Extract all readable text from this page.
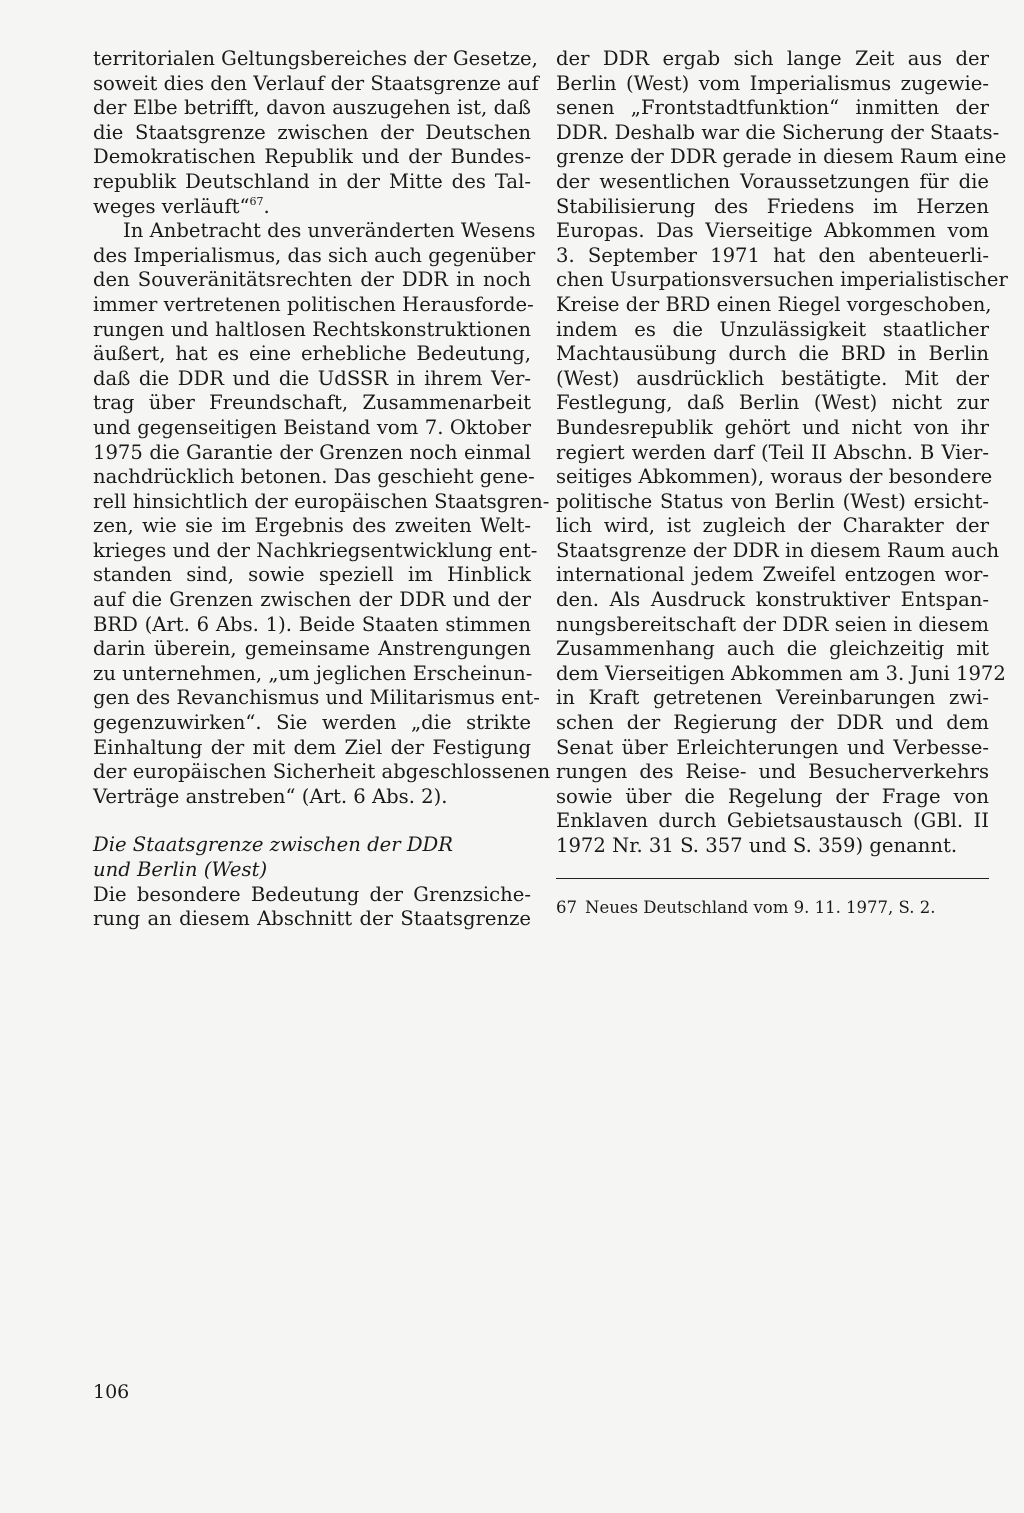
territorialen Geltungsbereiches der Gesetze,
soweit dies den Verlauf der Staatsgrenze auf
der Elbe betrifft, davon auszugehen ist, daß
die Staatsgrenze zwischen der Deutschen
Demokratischen Republik und der Bundes-
republik Deutschland in der Mitte des Tal-
weges verläuft“$^{67}$.
In Anbetracht des unveränderten Wesens
des Imperialismus, das sich auch gegenüber
den Souveränitätsrechten der DDR in noch
immer vertretenen politischen Herausforde-
rungen und haltlosen Rechtskonstruktionen
äußert, hat es eine erhebliche Bedeutung,
daß die DDR und die UdSSR in ihrem Ver-
trag über Freundschaft, Zusammenarbeit
und gegenseitigen Beistand vom 7. Oktober
1975 die Garantie der Grenzen noch einmal
nachdrücklich betonen. Das geschieht gene-
rell hinsichtlich der europäischen Staatsgren-
zen, wie sie im Ergebnis des zweiten Welt-
krieges und der Nachkriegsentwicklung ent-
standen sind, sowie speziell im Hinblick
auf die Grenzen zwischen der DDR und der
BRD (Art. 6 Abs. 1). Beide Staaten stimmen
darin überein, gemeinsame Anstrengungen
zu unternehmen, „um jeglichen Erscheinun-
gen des Revanchismus und Militarismus ent-
gegenzuwirken“. Sie werden „die strikte
Einhaltung der mit dem Ziel der Festigung
der europäischen Sicherheit abgeschlossenen
Verträge anstreben“ (Art. 6 Abs. 2).
Die Staatsgrenze zwischen der DDR
und Berlin (West)
Die besondere Bedeutung der Grenzsiche-
rung an diesem Abschnitt der Staatsgrenze
der DDR ergab sich lange Zeit aus der
Berlin (West) vom Imperialismus zugewie-
senen „Frontstadtfunktion“ inmitten der
DDR. Deshalb war die Sicherung der Staats-
grenze der DDR gerade in diesem Raum eine
der wesentlichen Voraussetzungen für die
Stabilisierung des Friedens im Herzen
Europas. Das Vierseitige Abkommen vom
3. September 1971 hat den abenteuerli-
chen Usurpationsversuchen imperialistischer
Kreise der BRD einen Riegel vorgeschoben,
indem es die Unzulässigkeit staatlicher
Machtausübung durch die BRD in Berlin
(West) ausdrücklich bestätigte. Mit der
Festlegung, daß Berlin (West) nicht zur
Bundesrepublik gehört und nicht von ihr
regiert werden darf (Teil II Abschn. B Vier-
seitiges Abkommen), woraus der besondere
politische Status von Berlin (West) ersicht-
lich wird, ist zugleich der Charakter der
Staatsgrenze der DDR in diesem Raum auch
international jedem Zweifel entzogen wor-
den. Als Ausdruck konstruktiver Entspan-
nungsbereitschaft der DDR seien in diesem
Zusammenhang auch die gleichzeitig mit
dem Vierseitigen Abkommen am 3. Juni 1972
in Kraft getretenen Vereinbarungen zwi-
schen der Regierung der DDR und dem
Senat über Erleichterungen und Verbesse-
rungen des Reise- und Besucherverkehrs
sowie über die Regelung der Frage von
Enklaven durch Gebietsaustausch (GBl. II
1972 Nr. 31 S. 357 und S. 359) genannt.
67 Neues Deutschland vom 9. 11. 1977, S. 2.
106
